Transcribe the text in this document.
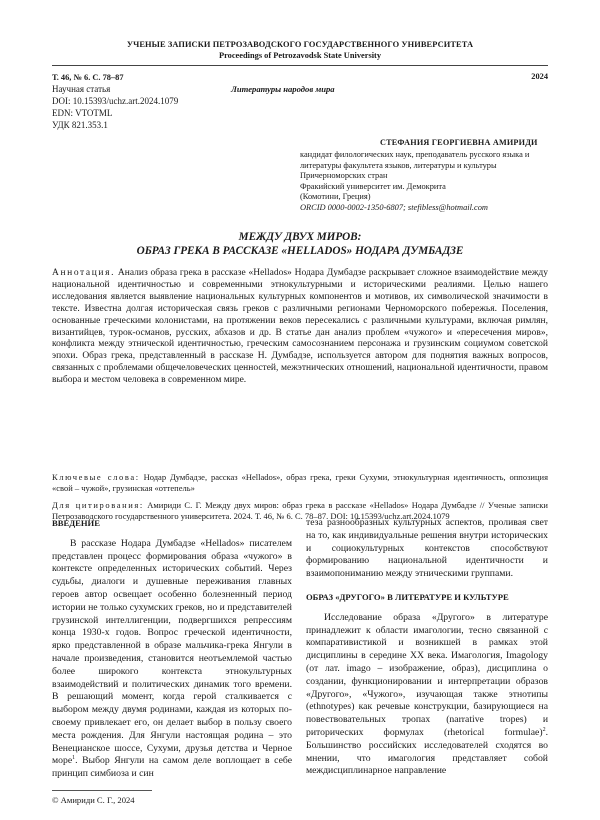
УЧЕНЫЕ ЗАПИСКИ ПЕТРОЗАВОДСКОГО ГОСУДАРСТВЕННОГО УНИВЕРСИТЕТА
Proceedings of Petrozavodsk State University
Т. 46, № 6. С. 78–87	2024
Литературы народов мира
Научная статья
DOI: 10.15393/uchz.art.2024.1079
EDN: VTOTML
УДК 821.353.1
СТЕФАНИЯ ГЕОРГИЕВНА АМИРИДИ
кандидат филологических наук, преподаватель русского языка и литературы факультета языков, литературы и культуры Причерноморских стран
Фракийский университет им. Демокрита
(Комотини, Греция)
ORCID 0000-0002-1350-6807; stefibless@hotmail.com
МЕЖДУ ДВУХ МИРОВ:
ОБРАЗ ГРЕКА В РАССКАЗЕ «HELLADOS» НОДАРА ДУМБАДЗЕ
Аннотация. Анализ образа грека в рассказе «Hellados» Нодара Думбадзе раскрывает сложное взаимодействие между национальной идентичностью и современными этнокультурными и историческими реалиями. Целью нашего исследования является выявление национальных культурных компонентов и мотивов, их символической значимости в тексте. Известна долгая историческая связь греков с различными регионами Черноморского побережья. Поселения, основанные греческими колонистами, на протяжении веков пересекались с различными культурами, включая римлян, византийцев, турок-османов, русских, абхазов и др. В статье дан анализ проблем «чужого» и «пересечения миров», конфликта между этнической идентичностью, греческим самосознанием персонажа и грузинским социумом советской эпохи. Образ грека, представленный в рассказе Н. Думбадзе, используется автором для поднятия важных вопросов, связанных с проблемами общечеловеческих ценностей, межэтнических отношений, национальной идентичности, правом выбора и местом человека в современном мире.
Ключевые слова: Нодар Думбадзе, рассказ «Hellados», образ грека, греки Сухуми, этнокультурная идентичность, оппозиция «свой – чужой», грузинская «оттепель»
Для цитирования: Амириди С. Г. Между двух миров: образ грека в рассказе «Hellados» Нодара Думбадзе // Ученые записки Петрозаводского государственного университета. 2024. Т. 46, № 6. С. 78–87. DOI: 10.15393/uchz.art.2024.1079
ВВЕДЕНИЕ

В рассказе Нодара Думбадзе «Hellados» писателем представлен процесс формирования образа «чужого» в контексте определенных исторических событий. Через судьбы, диалоги и душевные переживания главных героев автор освещает особенно болезненный период истории не только сухумских греков, но и представителей грузинской интеллигенции, подвергшихся репрессиям конца 1930-х годов. Вопрос греческой идентичности, ярко представленной в образе мальчика-грека Янгули в начале произведения, становится неотъемлемой частью более широкого контекста этнокультурных взаимодействий и политических динамик того времени. В решающий момент, когда герой сталкивается с выбором между двумя родинами, каждая из которых по-своему привлекает его, он делает выбор в пользу своего места рождения. Для Янгули настоящая родина – это Венецианское шоссе, Сухуми, друзья детства и Черное море$^1$. Выбор Янгули на самом деле воплощает в себе принцип симбиоза и син

теза разнообразных культурных аспектов, проливая свет на то, как индивидуальные решения внутри исторических и социокультурных контекстов способствуют формированию национальной идентичности и взаимопониманию между этническими группами.

ОБРАЗ «ДРУГОГО» В ЛИТЕРАТУРЕ И КУЛЬТУРЕ

Исследование образа «Другого» в литературе принадлежит к области имагологии, тесно связанной с компаративистикой и возникшей в рамках этой дисциплины в середине XX века. Имагология, Imagology (от лат. imago – изображение, образ), дисциплина о создании, функционировании и интерпретации образов «Другого», «Чужого», изучающая также этнотипы (ethnotypes) как речевые конструкции, базирующиеся на повествовательных тропах (narrative tropes) и риторических формулах (rhetorical formulae)$^2$. Большинство российских исследователей сходятся во мнении, что имагология представляет собой междисциплинарное направление

© Амириди С. Г., 2024
